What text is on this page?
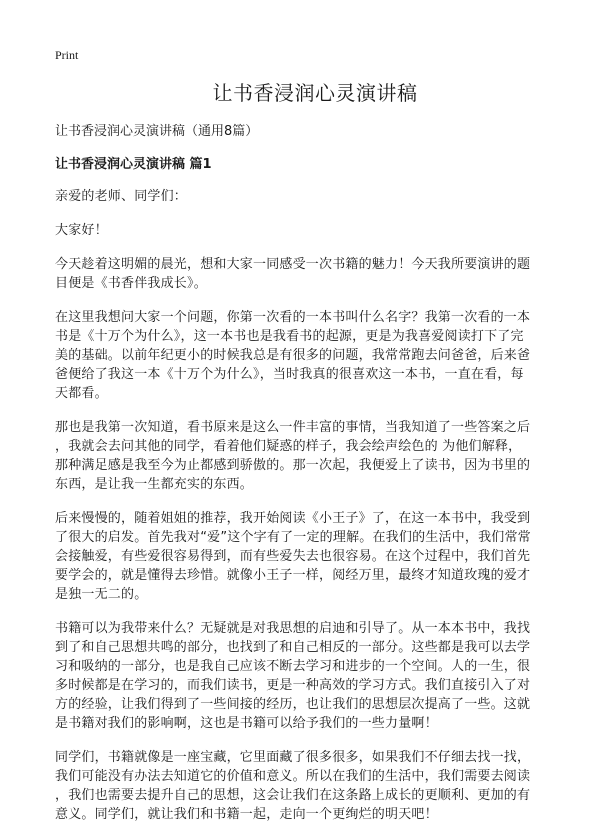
Print
让书香浸润心灵演讲稿
让书香浸润心灵演讲稿（通用8篇）
让书香浸润心灵演讲稿 篇1
亲爱的老师、同学们：
大家好！
今天趁着这明媚的晨光，想和大家一同感受一次书籍的魅力！今天我所要演讲的题
目便是《书香伴我成长》。
在这里我想问大家一个问题，你第一次看的一本书叫什么名字？我第一次看的一本
书是《十万个为什么》，这一本书也是我看书的起源，更是为我喜爱阅读打下了完
美的基础。以前年纪更小的时候我总是有很多的问题，我常常跑去问爸爸，后来爸
爸便给了我这一本《十万个为什么》，当时我真的很喜欢这一本书，一直在看，每
天都看。
那也是我第一次知道，看书原来是这么一件丰富的事情，当我知道了一些答案之后
，我就会去问其他的同学，看着他们疑惑的样子，我会绘声绘色的 为他们解释，
那种满足感是我至今为止都感到骄傲的。那一次起，我便爱上了读书，因为书里的
东西，是让我一生都充实的东西。
后来慢慢的，随着姐姐的推荐，我开始阅读《小王子》了，在这一本书中，我受到
了很大的启发。首先我对“爱”这个字有了一定的理解。在我们的生活中，我们常常
会接触爱，有些爱很容易得到，而有些爱失去也很容易。在这个过程中，我们首先
要学会的，就是懂得去珍惜。就像小王子一样，阅经万里，最终才知道玫瑰的爱才
是独一无二的。
书籍可以为我带来什么？无疑就是对我思想的启迪和引导了。从一本本书中，我找
到了和自己思想共鸣的部分，也找到了和自己相反的一部分。这些都是我可以去学
习和吸纳的一部分，也是我自己应该不断去学习和进步的一个空间。人的一生，很
多时候都是在学习的，而我们读书，更是一种高效的学习方式。我们直接引入了对
方的经验，让我们得到了一些间接的经历，也让我们的思想层次提高了一些。这就
是书籍对我们的影响啊，这也是书籍可以给予我们的一些力量啊！
同学们，书籍就像是一座宝藏，它里面藏了很多很多，如果我们不仔细去找一找，
我们可能没有办法去知道它的价值和意义。所以在我们的生活中，我们需要去阅读
，我们也需要去提升自己的思想，这会让我们在这条路上成长的更顺利、更加的有
意义。同学们，就让我们和书籍一起，走向一个更绚烂的明天吧！
